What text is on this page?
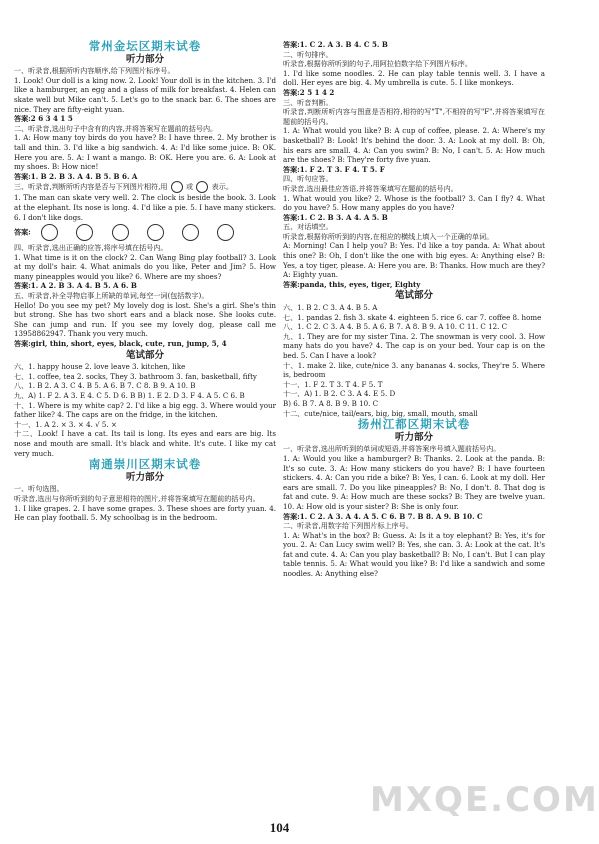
常州金坛区期末试卷
听力部分

一、听录音,根据所听内容顺序,给下列图片标序号。

1. Look! Our doll is a king now. 2. Look! Your doll is in the kitchen. 3. I'd like a hamburger, an egg and a glass of milk for breakfast. 4. Helen can skate well but Mike can't. 5. Let's go to the snack bar. 6. The shoes are nice. They are fifty-eight yuan.

答案:2 6 3 4 1 5

二、听录音,选出句子中含有的内容,并将答案写在题前的括号内。

1. A: How many toy birds do you have? B: I have three. 2. My brother is tall and thin. 3. I'd like a big sandwich. 4. A: I'd like some juice. B: OK. Here you are. 5. A: I want a mango. B: OK. Here you are. 6. A: Look at my shoes. B: How nice!

答案:1. B 2. B 3. A 4. B 5. B 6. A

三、听录音,判断所听内容是否与下列图片相符,用	或	表示。

1. The man can skate very well. 2. The clock is beside the book. 3. Look at the elephant. Its nose is long. 4. I'd like a pie. 5. I have many stickers. 6. I don't like dogs.

答案:

四、听录音,选出正确的应答,将序号填在括号内。

1. What time is it on the clock? 2. Can Wang Bing play football? 3. Look at my doll's hair. 4. What animals do you like, Peter and Jim? 5. How many pineapples would you like? 6. Where are my shoes?

答案:1. A 2. B 3. A 4. B 5. A 6. B

五、听录音,补全寻物启事上所缺的单词,每空一词(包括数字)。

Hello! Do you see my pet? My lovely dog is lost. She's a girl. She's thin but strong. She has two short ears and a black nose. She looks cute. She can jump and run. If you see my lovely dog, please call me 13958862947. Thank you very much.

答案:girl, thin, short, eyes, black, cute, run, jump, 5, 4

笔试部分

六、1. happy house 2. love leave 3. kitchen, like

七、1. coffee, tea 2. socks, They 3. bathroom 3. fan, basketball, fifty

八、1. B 2. A 3. C 4. B 5. A 6. B 7. C 8. B 9. A 10. B

九、A) 1. F 2. A 3. E 4. C 5. D 6. B B) 1. E 2. D 3. F 4. A 5. C 6. B

十、1. Where is my white cap? 2. I'd like a big egg. 3. Where would your father like? 4. The caps are on the fridge, in the kitchen.

十一、1. A 2. × 3. × 4. √ 5. ×

十二、Look! I have a cat. Its tail is long. Its eyes and ears are big. Its nose and mouth are small. It's black and white. It's cute. I like my cat very much.

南通崇川区期末试卷
听力部分

一、听句选图。

听录音,选出与你所听到的句子意思相符的图片,并将答案填写在题前的括号内。

1. I like grapes. 2. I have some grapes. 3. These shoes are forty yuan. 4. He can play football. 5. My schoolbag is in the bedroom.

答案:1. C 2. A 3. B 4. C 5. B

二、听句排序。

听录音,根据你所听到的句子,用阿拉伯数字给下列图片标序。

1. I'd like some noodles. 2. He can play table tennis well. 3. I have a doll. Her eyes are big. 4. My umbrella is cute. 5. I like monkeys.

答案:2 5 1 4 2

三、听音判断。

听录音,判断所听内容与图意是否相符,相符的写"T",不相符的写"F",并将答案填写在题前的括号内。

1. A: What would you like? B: A cup of coffee, please. 2. A: Where's my basketball? B: Look! It's behind the door. 3. A: Look at my doll. B: Oh, his ears are small. 4. A: Can you swim? B: No, I can't. 5. A: How much are the shoes? B: They're forty five yuan.

答案:1. F 2. T 3. F 4. T 5. F

四、听句应答。

听录音,选出最佳应答语,并将答案填写在题前的括号内。

1. What would you like? 2. Whose is the football? 3. Can I fly? 4. What do you have? 5. How many apples do you have?

答案:1. C 2. B 3. A 4. A 5. B

五、对话填空。

听录音,根据你所听到的内容,在相应的横线上填入一个正确的单词。

A: Morning! Can I help you? B: Yes. I'd like a toy panda. A: What about this one? B: Oh, I don't like the one with big eyes. A: Anything else? B: Yes, a toy tiger, please. A: Here you are. B: Thanks. How much are they? A: Eighty yuan.

答案:panda, this, eyes, tiger, Eighty

笔试部分

六、1. B 2. C 3. A 4. B 5. A

七、1. pandas 2. fish 3. skate 4. eighteen 5. rice 6. car 7. coffee 8. home

八、1. C 2. C 3. A 4. B 5. A 6. B 7. A 8. B 9. A 10. C 11. C 12. C

九、1. They are for my sister Tina. 2. The snowman is very cool. 3. How many hats do you have? 4. The cap is on your bed. Your cap is on the bed. 5. Can I have a look?

十、1. make 2. like, cute/nice 3. any bananas 4. socks, They're 5. Where is, bedroom

十一、1. F 2. T 3. T 4. F 5. T

十一、A) 1. B 2. C 3. A 4. E 5. D

B) 6. B 7. A 8. B 9. B 10. C

十二、cute/nice, tail/ears, big, big, small, mouth, small

扬州江都区期末试卷
听力部分

一、听录音,选出所听到的单词或短语,并将答案序号填入题前括号内。

1. A: Would you like a hamburger? B: Thanks. 2. Look at the panda. B: It's so cute. 3. A: How many stickers do you have? B: I have fourteen stickers. 4. A: Can you ride a bike? B: Yes, I can. 6. Look at my doll. Her ears are small. 7. Do you like pineapples? B: No, I don't. 8. That dog is fat and cute. 9. A: How much are these socks? B: They are twelve yuan. 10. A: How old is your sister? B: She is only four.

答案:1. C 2. A 3. A 4. A 5. C 6. B 7. B 8. A 9. B 10. C

二、听录音,用数字给下列图片标上序号。

1. A: What's in the box? B: Guess. A: Is it a toy elephant? B: Yes, it's for you. 2. A: Can Lucy swim well? B: Yes, she can. 3. A: Look at the cat. It's fat and cute. 4. A: Can you play basketball? B: No, I can't. But I can play table tennis. 5. A: What would you like? B: I'd like a sandwich and some noodles. A: Anything else?

MXQE.COM
104
